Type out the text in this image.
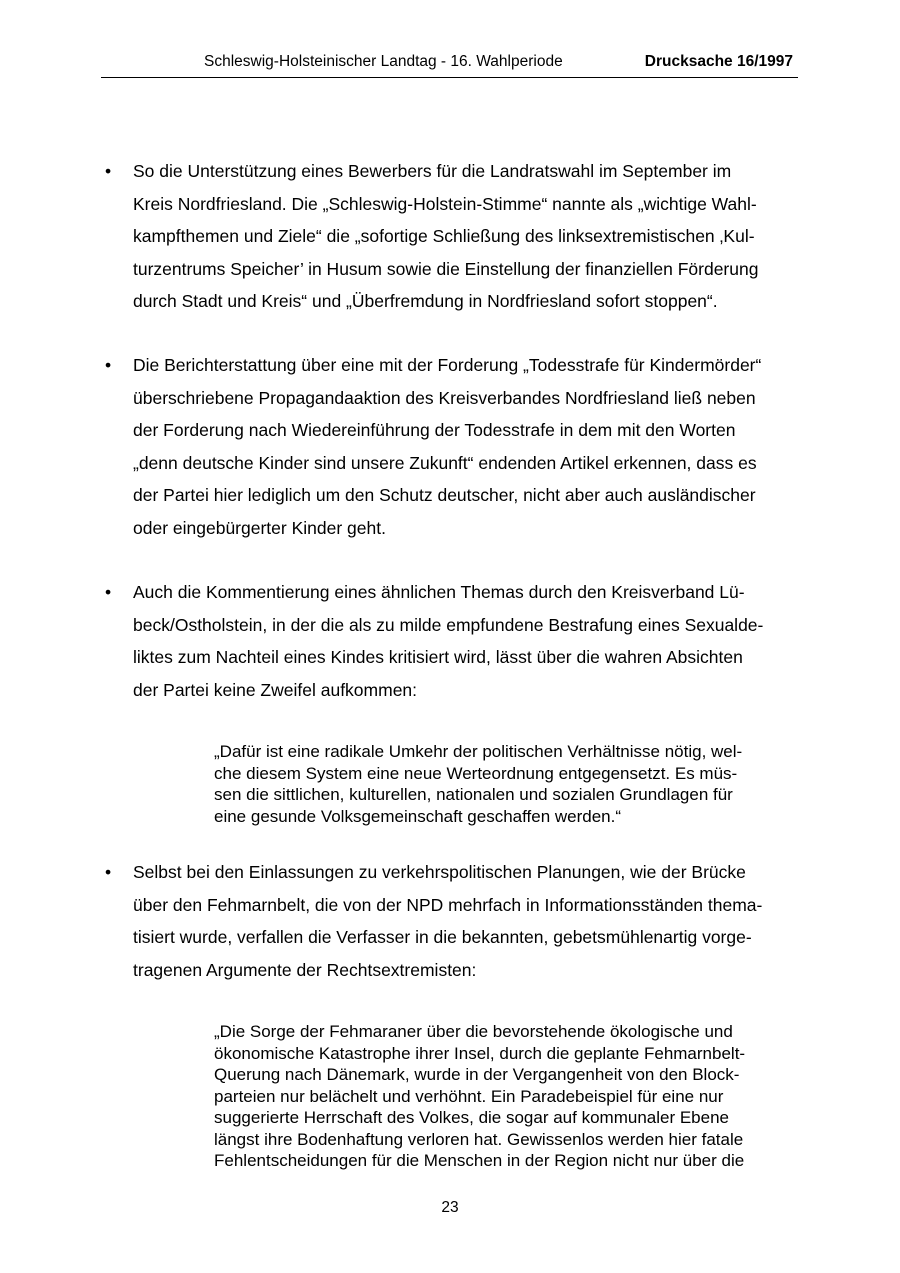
Schleswig-Holsteinischer Landtag - 16. Wahlperiode	Drucksache 16/1997
•	So die Unterstützung eines Bewerbers für die Landratswahl im September im
Kreis Nordfriesland. Die „Schleswig-Holstein-Stimme“ nannte als „wichtige Wahl-
kampfthemen und Ziele“ die „sofortige Schließung des linksextremistischen ‚Kul-
turzentrums Speicher’ in Husum sowie die Einstellung der finanziellen Förderung
durch Stadt und Kreis“ und „Überfremdung in Nordfriesland sofort stoppen“.
•	Die Berichterstattung über eine mit der Forderung „Todesstrafe für Kindermörder“
überschriebene Propagandaaktion des Kreisverbandes Nordfriesland ließ neben
der Forderung nach Wiedereinführung der Todesstrafe in dem mit den Worten
„denn deutsche Kinder sind unsere Zukunft“ endenden Artikel erkennen, dass es
der Partei hier lediglich um den Schutz deutscher, nicht aber auch ausländischer
oder eingebürgerter Kinder geht.
•	Auch die Kommentierung eines ähnlichen Themas durch den Kreisverband Lü-
beck/Ostholstein, in der die als zu milde empfundene Bestrafung eines Sexualde-
liktes zum Nachteil eines Kindes kritisiert wird, lässt über die wahren Absichten
der Partei keine Zweifel aufkommen:
„Dafür ist eine radikale Umkehr der politischen Verhältnisse nötig, wel-
che diesem System eine neue Werteordnung entgegensetzt. Es müs-
sen die sittlichen, kulturellen, nationalen und sozialen Grundlagen für
eine gesunde Volksgemeinschaft geschaffen werden.“
•	Selbst bei den Einlassungen zu verkehrspolitischen Planungen, wie der Brücke
über den Fehmarnbelt, die von der NPD mehrfach in Informationsständen thema-
tisiert wurde, verfallen die Verfasser in die bekannten, gebetsmühlenartig vorge-
tragenen Argumente der Rechtsextremisten:
„Die Sorge der Fehmaraner über die bevorstehende ökologische und
ökonomische Katastrophe ihrer Insel, durch die geplante Fehmarnbelt-
Querung nach Dänemark, wurde in der Vergangenheit von den Block-
parteien nur belächelt und verhöhnt. Ein Paradebeispiel für eine nur
suggerierte Herrschaft des Volkes, die sogar auf kommunaler Ebene
längst ihre Bodenhaftung verloren hat. Gewissenlos werden hier fatale
Fehlentscheidungen für die Menschen in der Region nicht nur über die
23
